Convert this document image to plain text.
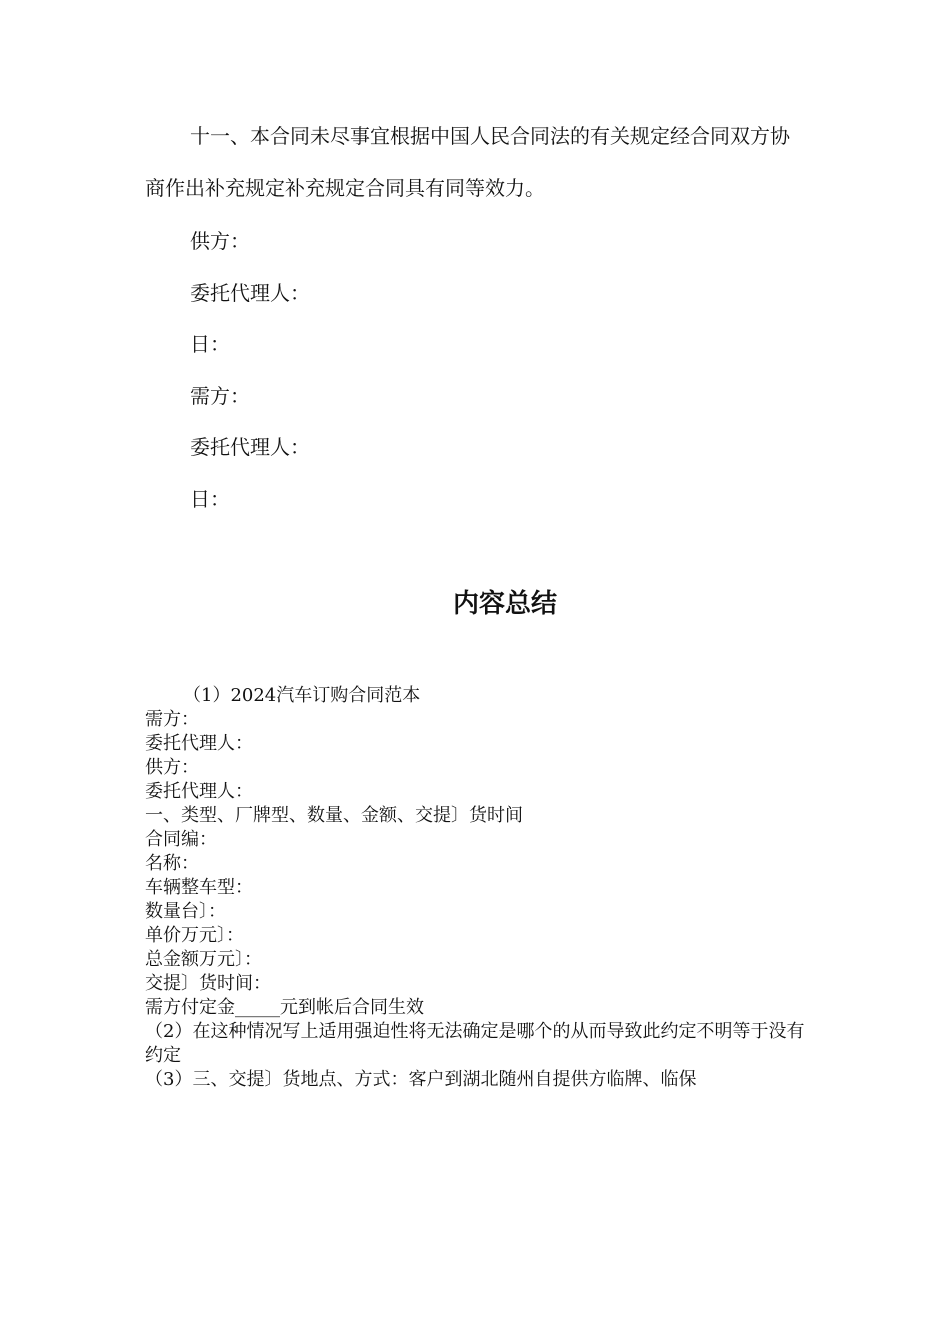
十一、本合同未尽事宜根据中国人民合同法的有关规定经合同双方协商作出补充规定补充规定合同具有同等效力。

供方：

委托代理人：

日：

需方：

委托代理人：

日：

内容总结
（1）2024汽车订购合同范本
需方：
委托代理人：
供方：
委托代理人：
一、类型、厂牌型、数量、金额、交提〕货时间
合同编：
名称：
车辆整车型：
数量台〕：
单价万元〕：
总金额万元〕：
交提〕货时间：
需方付定金_____元到帐后合同生效
（2）在这种情况写上适用强迫性将无法确定是哪个的从而导致此约定不明等于没有约定
（3）三、交提〕货地点、方式：客户到湖北随州自提供方临牌、临保
